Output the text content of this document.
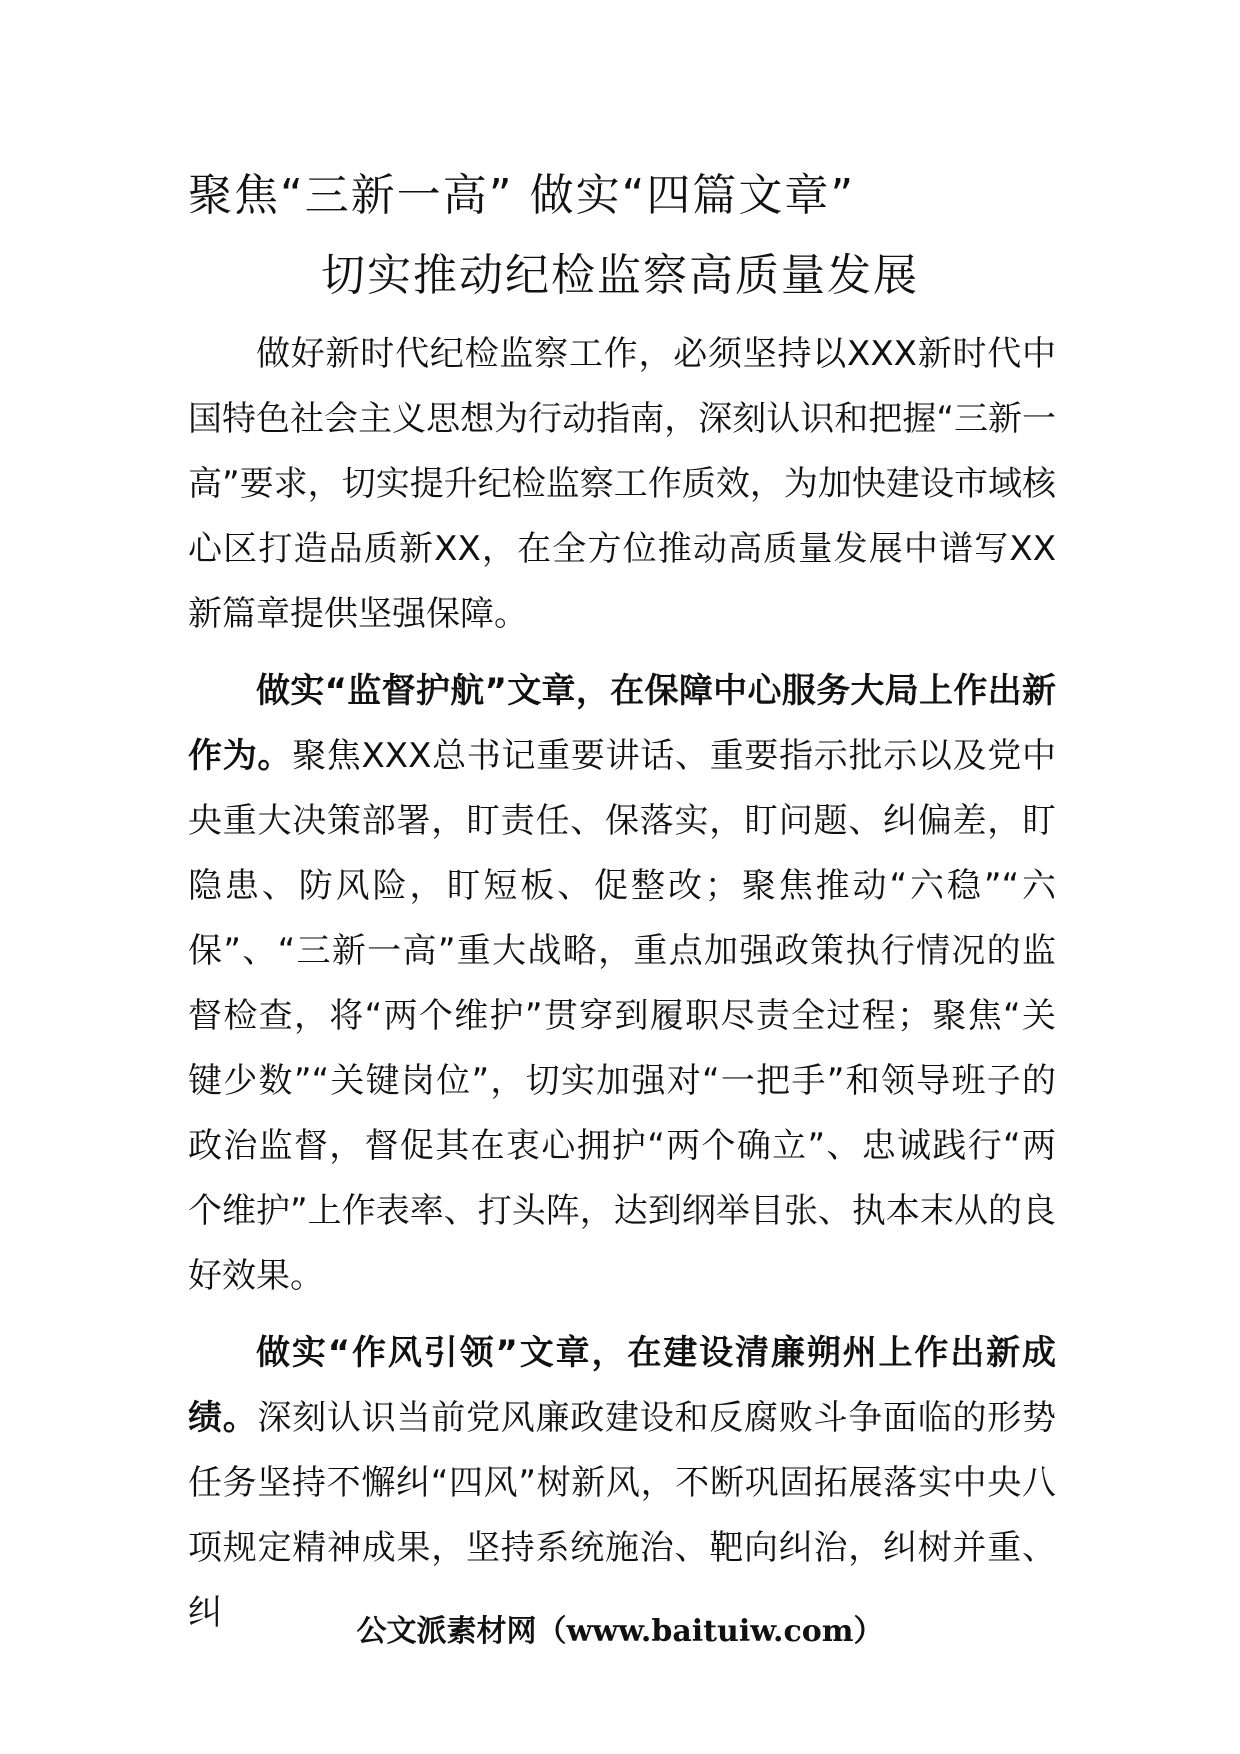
聚焦“三新一高” 做实“四篇文章”
切实推动纪检监察高质量发展

做好新时代纪检监察工作，必须坚持以XXX新时代中国特色社会主义思想为行动指南，深刻认识和把握“三新一高”要求，切实提升纪检监察工作质效，为加快建设市域核心区打造品质新XX，在全方位推动高质量发展中谱写XX新篇章提供坚强保障。

做实“监督护航”文章，在保障中心服务大局上作出新作为。聚焦XXX总书记重要讲话、重要指示批示以及党中央重大决策部署，盯责任、保落实，盯问题、纠偏差，盯隐患、防风险，盯短板、促整改；聚焦推动“六稳”“六保”、“三新一高”重大战略，重点加强政策执行情况的监督检查，将“两个维护”贯穿到履职尽责全过程；聚焦“关键少数”“关键岗位”，切实加强对“一把手”和领导班子的政治监督，督促其在衷心拥护“两个确立”、忠诚践行“两个维护”上作表率、打头阵，达到纲举目张、执本末从的良好效果。

做实“作风引领”文章，在建设清廉朔州上作出新成绩。深刻认识当前党风廉政建设和反腐败斗争面临的形势任务坚持不懈纠“四风”树新风，不断巩固拓展落实中央八项规定精神成果，坚持系统施治、靶向纠治，纠树并重、纠	公文派素材网（www.baituiw.com）
